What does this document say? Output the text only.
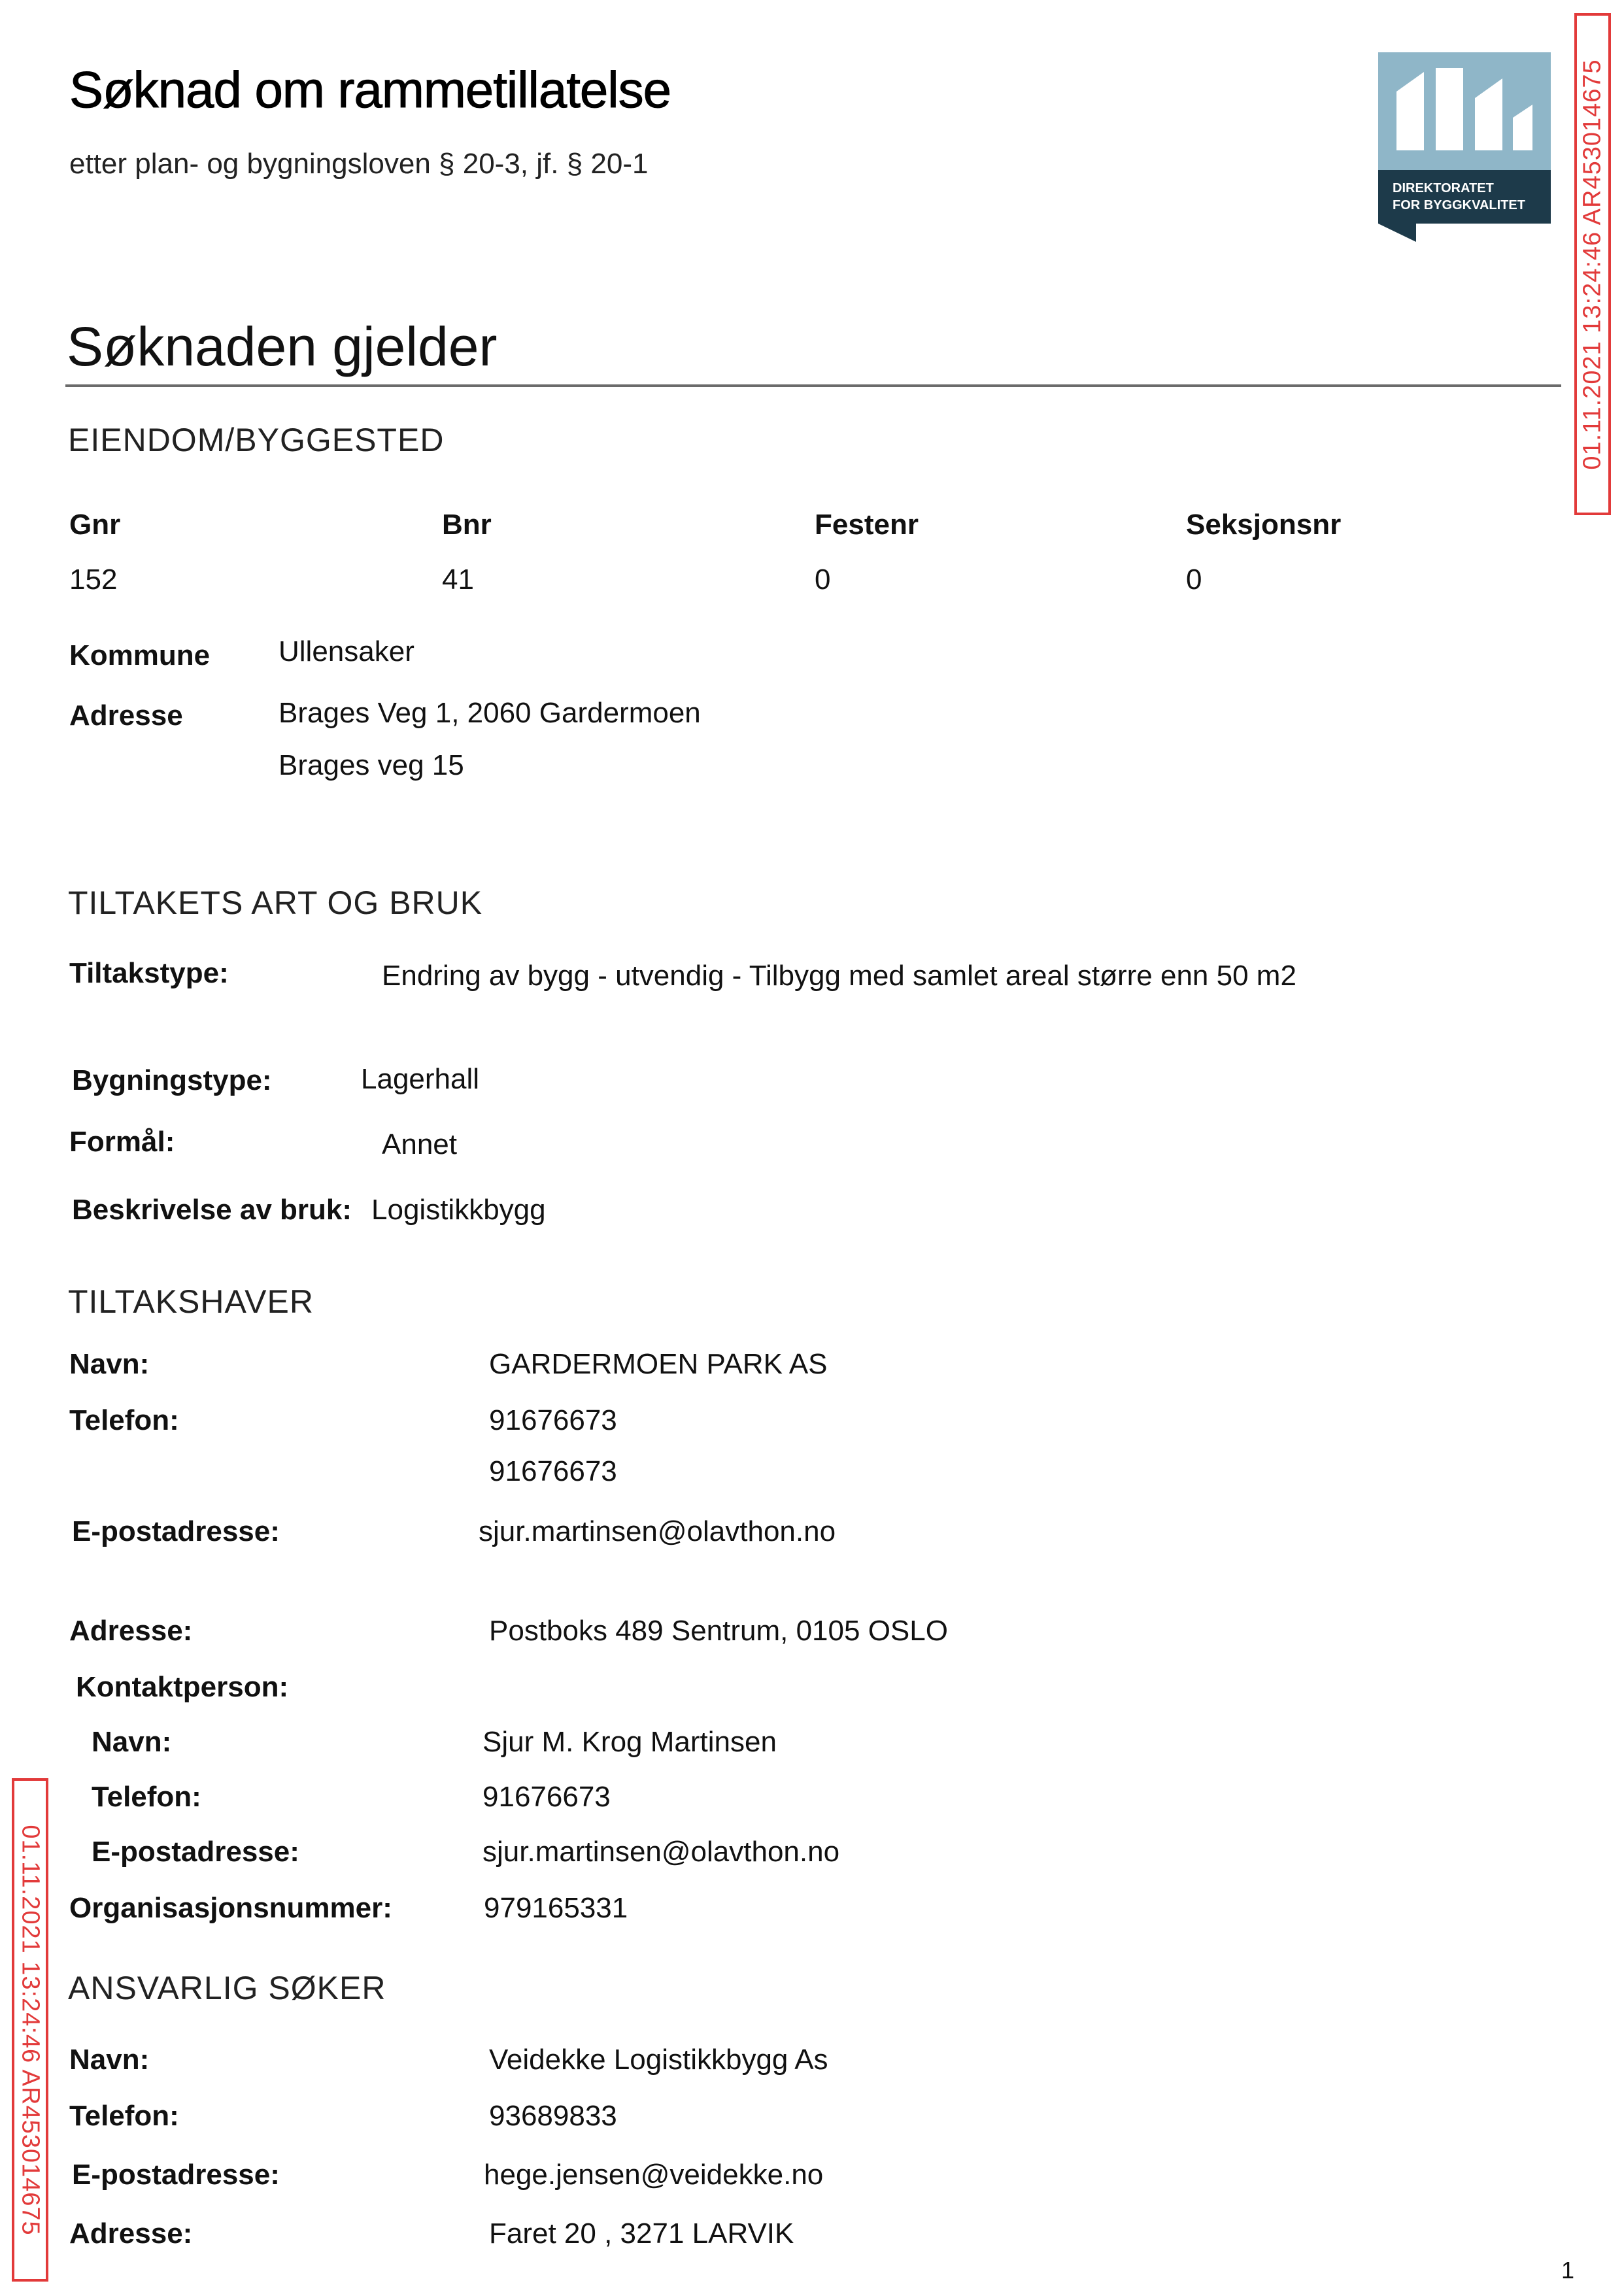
Søknad om rammetillatelse
etter plan- og bygningsloven § 20-3, jf. § 20-1
DIREKTORATET
FOR BYGGKVALITET 01.11.2021 13:24:46 AR453014675
01.11.2021 13:24:46 AR453014675
Søknaden gjelder
EIENDOM/BYGGESTED
Gnr	Bnr	Festenr	Seksjonsnr
152	41	0	0
Kommune Ullensaker
Adresse	Brages Veg 1, 2060 Gardermoen
Brages veg 15
TILTAKETS ART OG BRUK
Tiltakstype:	Endring av bygg - utvendig - Tilbygg med samlet areal større enn 50 m2
Bygningstype:	Lagerhall
Formål:	Annet
Beskrivelse av bruk: Logistikkbygg
TILTAKSHAVER
Navn:	GARDERMOEN PARK AS
Telefon:	91676673
91676673
E-postadresse:	sjur.martinsen@olavthon.no
Adresse:	Postboks 489 Sentrum, 0105 OSLO
Kontaktperson:
Navn:	Sjur M. Krog Martinsen
Telefon:	91676673
E-postadresse:	sjur.martinsen@olavthon.no
Organisasjonsnummer:	979165331
ANSVARLIG SØKER
Navn:	Veidekke Logistikkbygg As
Telefon:	93689833
E-postadresse:	hege.jensen@veidekke.no
Adresse:	Faret 20 , 3271 LARVIK
1
